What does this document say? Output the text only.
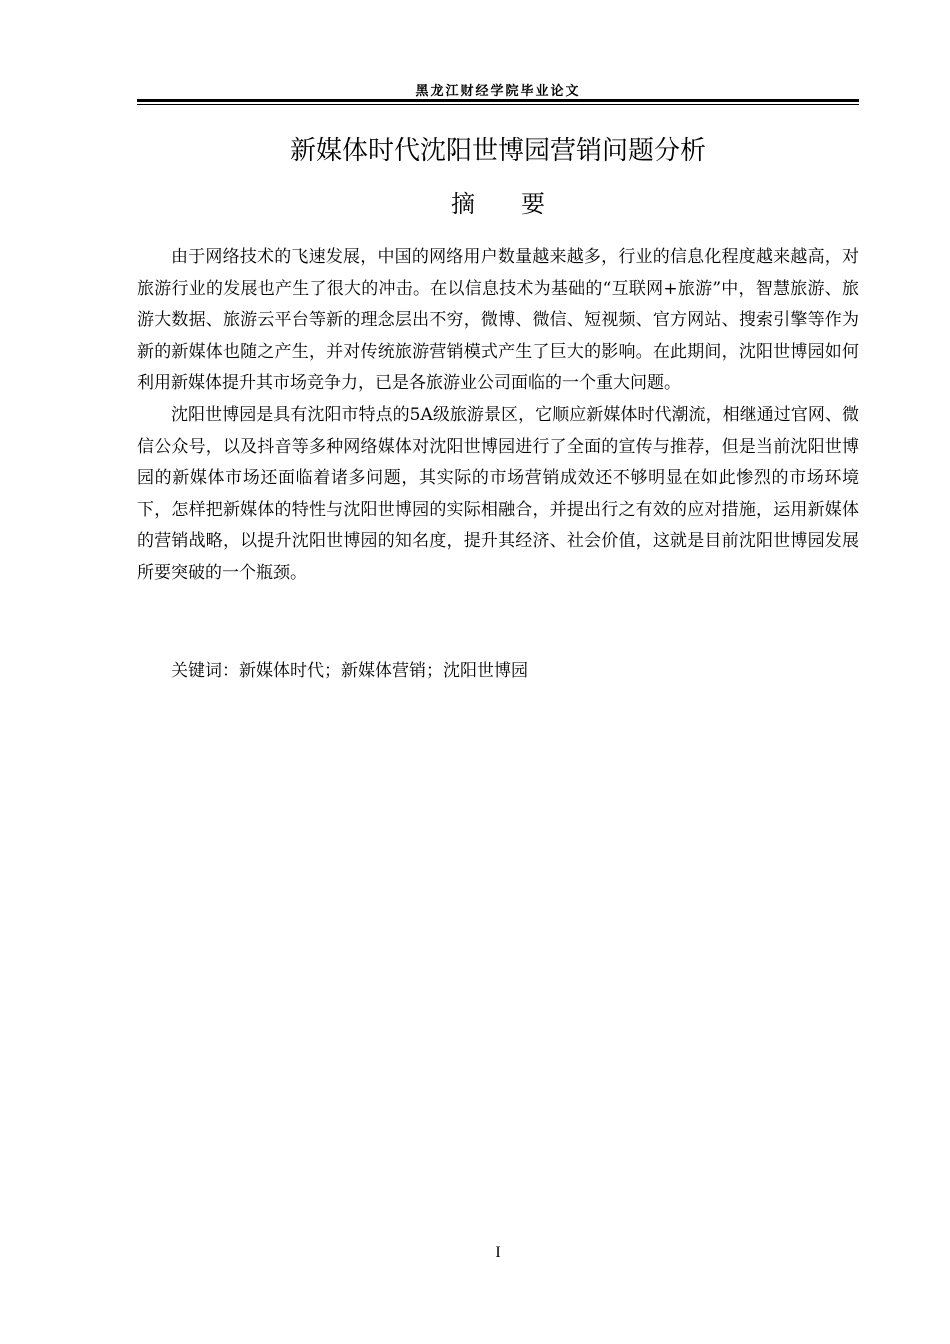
黑龙江财经学院毕业论文
新媒体时代沈阳世博园营销问题分析
摘 要

由于网络技术的飞速发展，中国的网络用户数量越来越多，行业的信息化程度越来越高，对旅游行业的发展也产生了很大的冲击。在以信息技术为基础的“互联网+旅游”中，智慧旅游、旅游大数据、旅游云平台等新的理念层出不穷，微博、微信、短视频、官方网站、搜索引擎等作为新的新媒体也随之产生，并对传统旅游营销模式产生了巨大的影响。在此期间，沈阳世博园如何利用新媒体提升其市场竞争力，已是各旅游业公司面临的一个重大问题。

沈阳世博园是具有沈阳市特点的5A级旅游景区，它顺应新媒体时代潮流，相继通过官网、微信公众号，以及抖音等多种网络媒体对沈阳世博园进行了全面的宣传与推荐，但是当前沈阳世博园的新媒体市场还面临着诸多问题，其实际的市场营销成效还不够明显在如此惨烈的市场环境下，怎样把新媒体的特性与沈阳世博园的实际相融合，并提出行之有效的应对措施，运用新媒体的营销战略，以提升沈阳世博园的知名度，提升其经济、社会价值，这就是目前沈阳世博园发展所要突破的一个瓶颈。

关键词：新媒体时代；新媒体营销；沈阳世博园
I
